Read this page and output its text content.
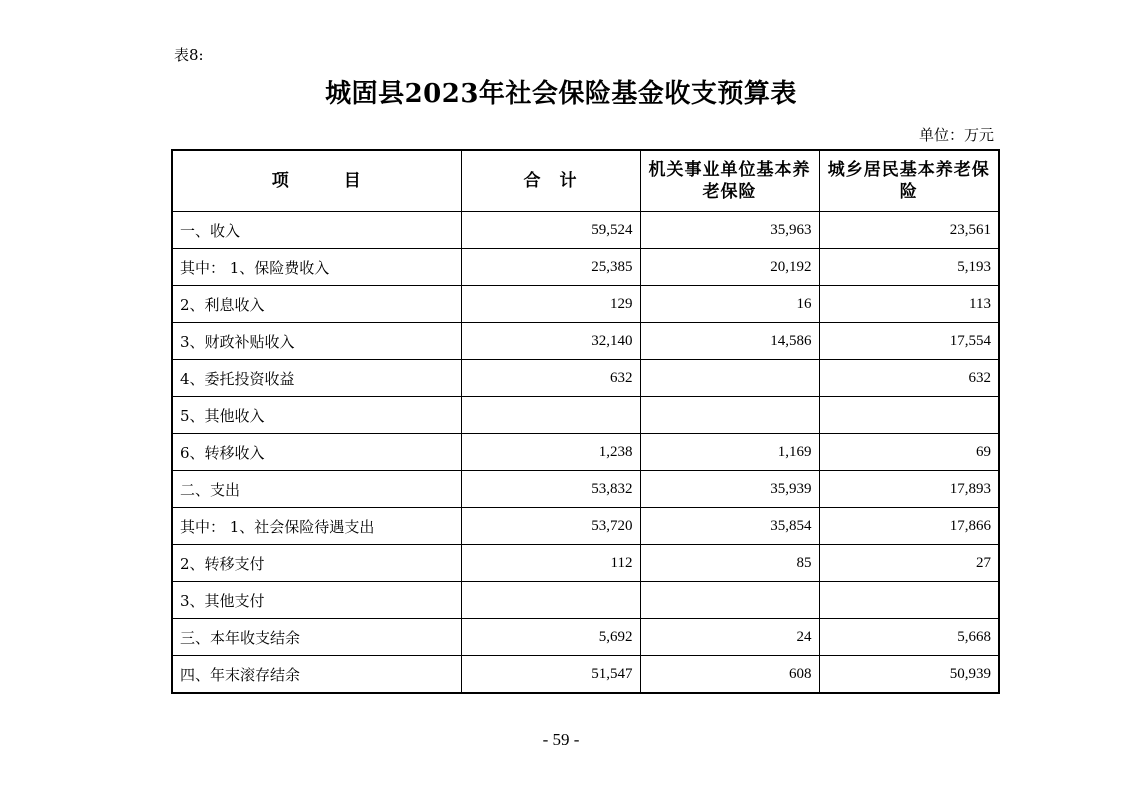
表8:
城固县2023年社会保险基金收支预算表
单位：万元
项　　　目	合　计	机关事业单位基本养老保险	城乡居民基本养老保险
一、收入	59,524	35,963	23,561
其中： 1、保险费收入	25,385	20,192	5,193
2、利息收入	129	16	113
3、财政补贴收入	32,140	14,586	17,554
4、委托投资收益	632		632
5、其他收入			
6、转移收入	1,238	1,169	69
二、支出	53,832	35,939	17,893
其中： 1、社会保险待遇支出	53,720	35,854	17,866
2、转移支付	112	85	27
3、其他支付			
三、本年收支结余	5,692	24	5,668
四、年末滚存结余	51,547	608	50,939
- 59 -
